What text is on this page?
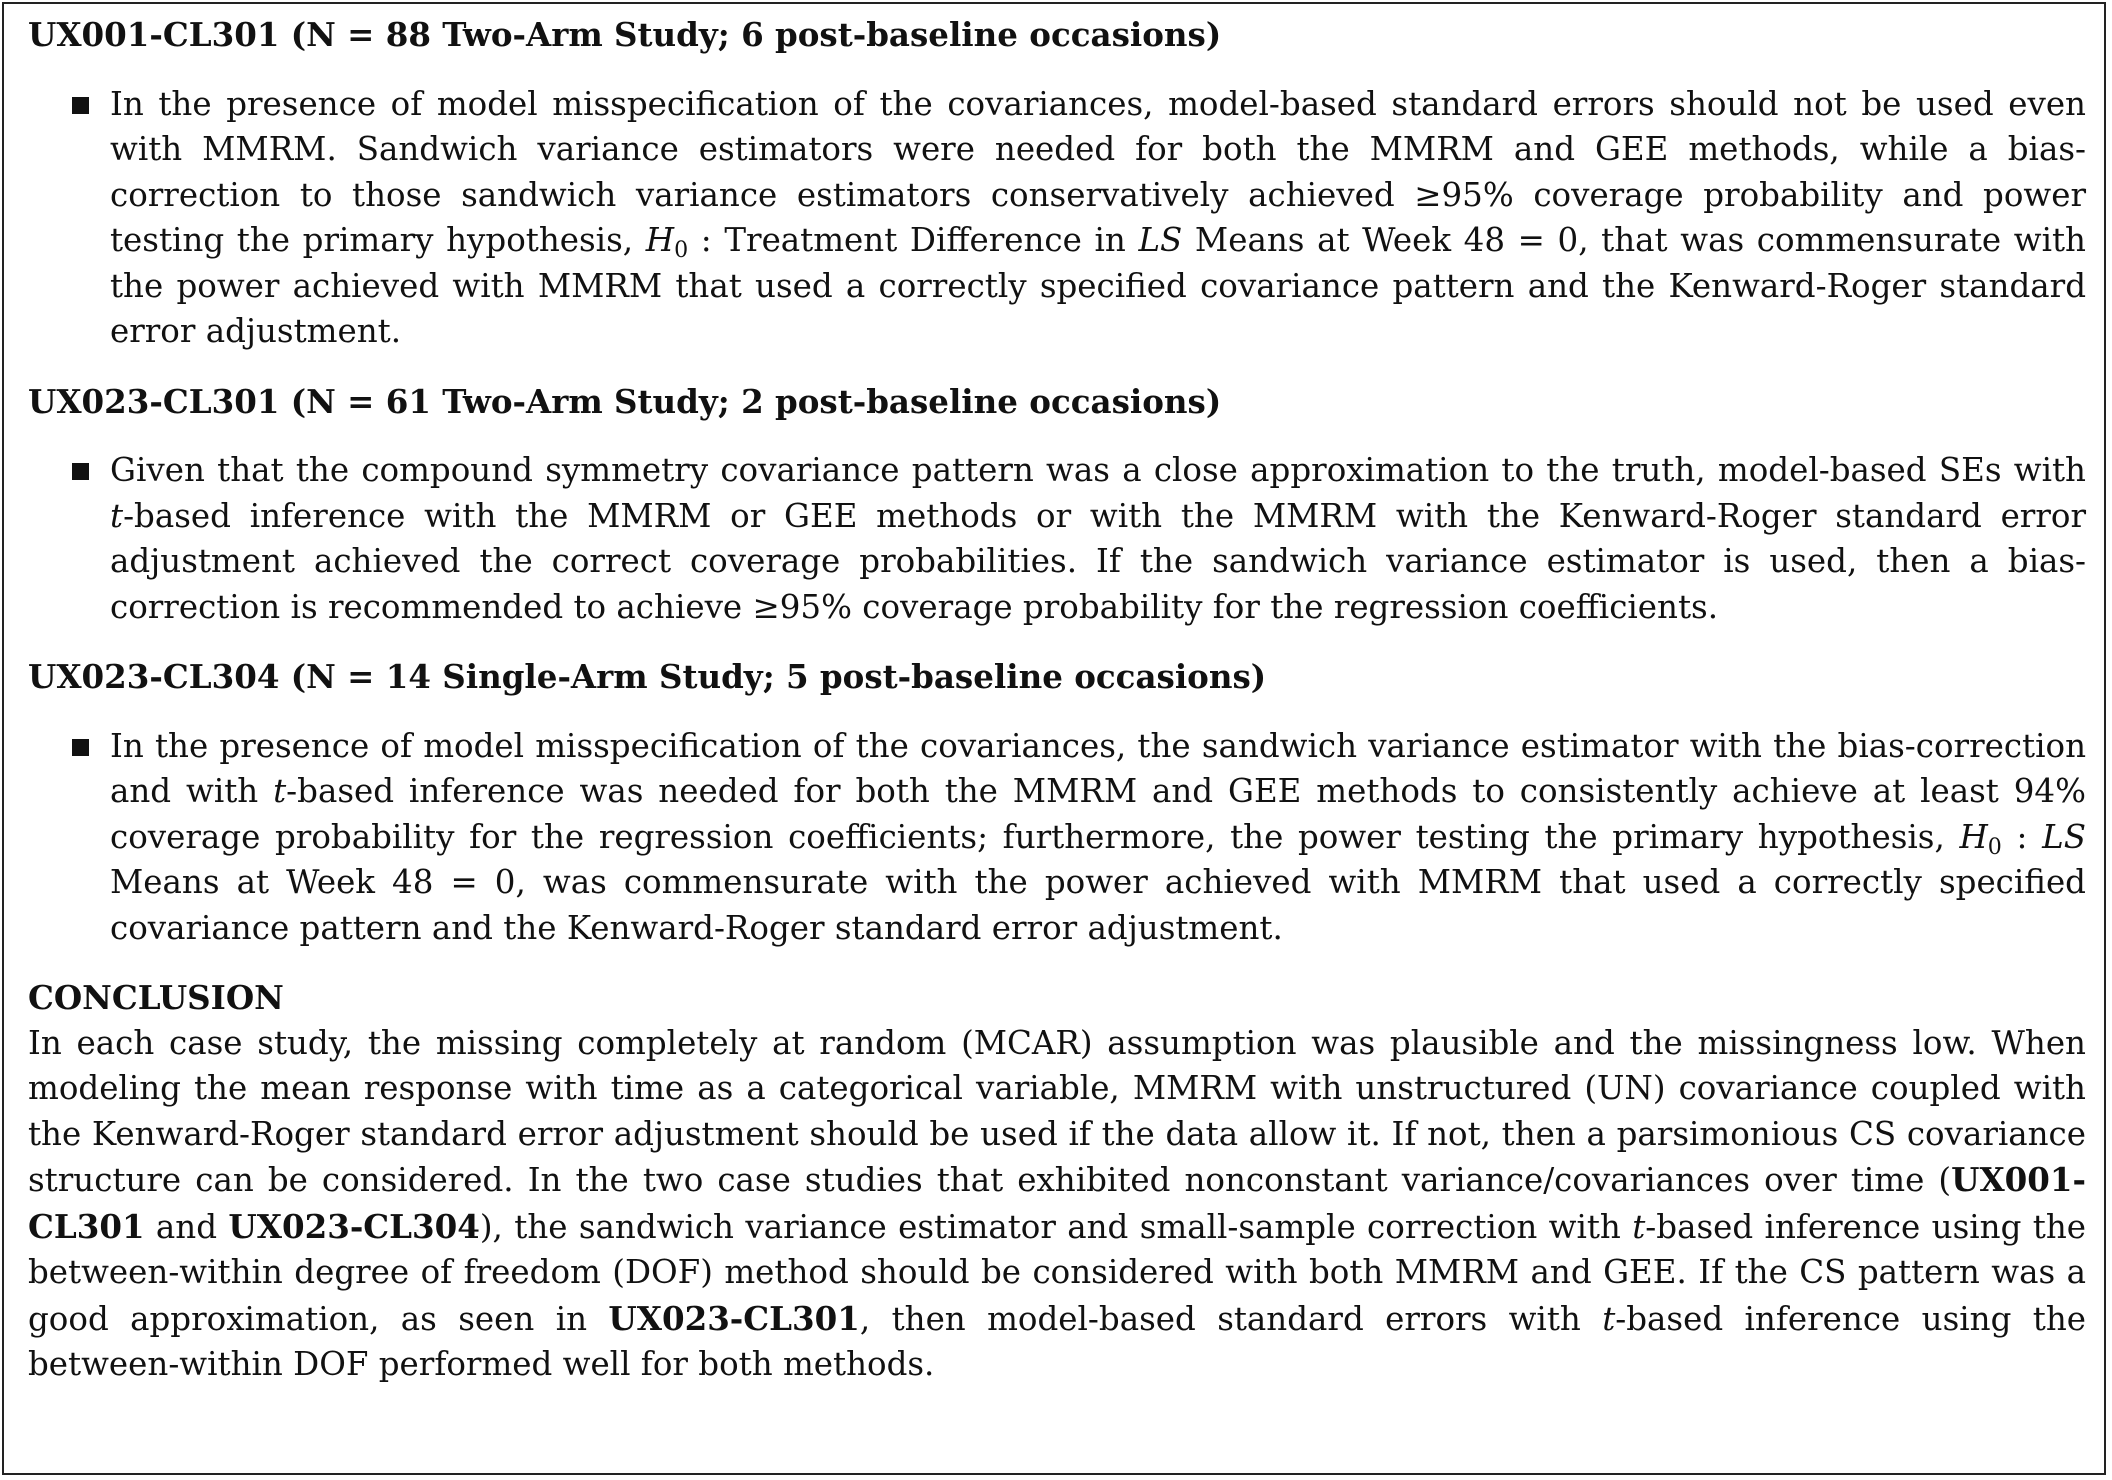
UX001-CL301 (N = 88 Two-Arm Study; 6 post-baseline occasions)

In the presence of model misspecification of the covariances, model-based standard errors should not be used even with MMRM. Sandwich variance estimators were needed for both the MMRM and GEE methods, while a bias-correction to those sandwich variance estimators conservatively achieved ≥95% coverage probability and power testing the primary hypothesis, $H_0$ : Treatment Difference in LS Means at Week 48 = 0, that was commensurate with the power achieved with MMRM that used a correctly specified covariance pattern and the Kenward-Roger standard error adjustment.

UX023-CL301 (N = 61 Two-Arm Study; 2 post-baseline occasions)

Given that the compound symmetry covariance pattern was a close approximation to the truth, model-based SEs with t-based inference with the MMRM or GEE methods or with the MMRM with the Kenward-Roger standard error adjustment achieved the correct coverage probabilities. If the sandwich variance estimator is used, then a bias-correction is recommended to achieve ≥95% coverage probability for the regression coefficients.

UX023-CL304 (N = 14 Single-Arm Study; 5 post-baseline occasions)

In the presence of model misspecification of the covariances, the sandwich variance estimator with the bias-correction and with t-based inference was needed for both the MMRM and GEE methods to consistently achieve at least 94% coverage probability for the regression coefficients; furthermore, the power testing the primary hypothesis, $H_0$ : LS Means at Week 48 = 0, was commensurate with the power achieved with MMRM that used a correctly specified covariance pattern and the Kenward-Roger standard error adjustment.

CONCLUSION

In each case study, the missing completely at random (MCAR) assumption was plausible and the missingness low. When modeling the mean response with time as a categorical variable, MMRM with unstructured (UN) covariance coupled with the Kenward-Roger standard error adjustment should be used if the data allow it. If not, then a parsimonious CS covariance structure can be considered. In the two case studies that exhibited nonconstant variance/covariances over time (UX001-CL301 and UX023-CL304), the sandwich variance estimator and small-sample correction with t-based inference using the between-within degree of freedom (DOF) method should be considered with both MMRM and GEE. If the CS pattern was a good approximation, as seen in UX023-CL301, then model-based standard errors with t-based inference using the between-within DOF performed well for both methods.
